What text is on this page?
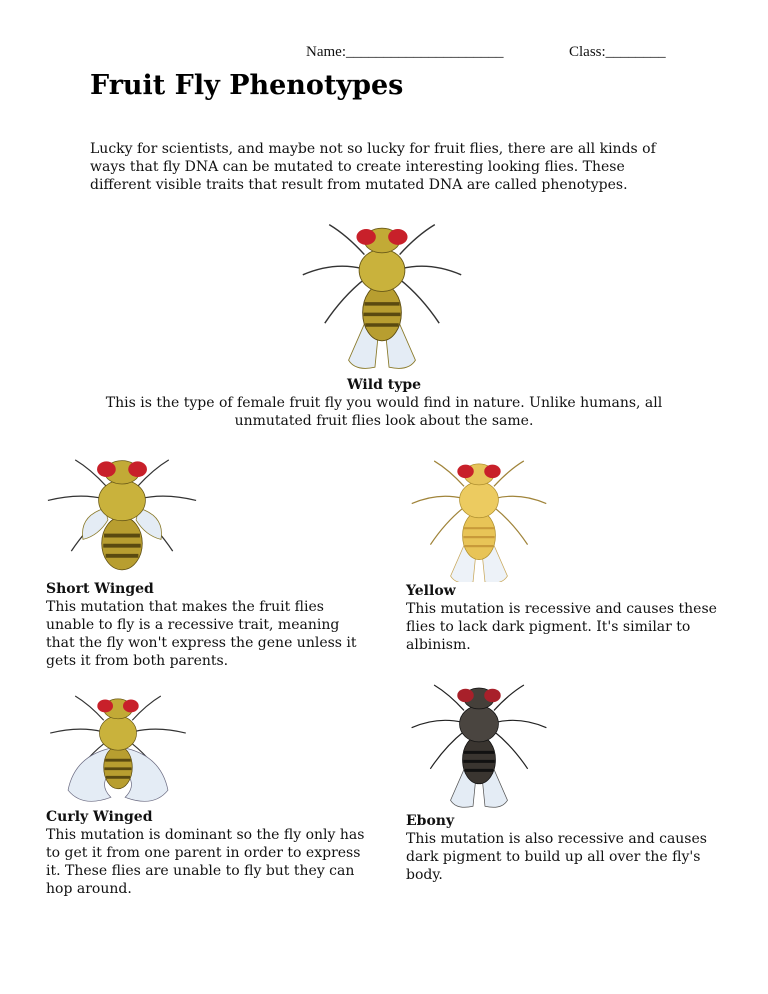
Name:_____________________	Class:________
Fruit Fly Phenotypes

Lucky for scientists, and maybe not so lucky for fruit flies, there are all kinds of ways that fly DNA can be mutated to create interesting looking flies. These different visible traits that result from mutated DNA are called phenotypes.

Wild type
This is the type of female fruit fly you would find in nature. Unlike humans, all unmutated fruit flies look about the same.
Short Winged
This mutation that makes the fruit flies unable to fly is a recessive trait, meaning that the fly won't express the gene unless it gets it from both parents.
Yellow
This mutation is recessive and causes these flies to lack dark pigment. It's similar to albinism.
Curly Winged
This mutation is dominant so the fly only has to get it from one parent in order to express it. These flies are unable to fly but they can hop around.
Ebony
This mutation is also recessive and causes dark pigment to build up all over the fly's body.
